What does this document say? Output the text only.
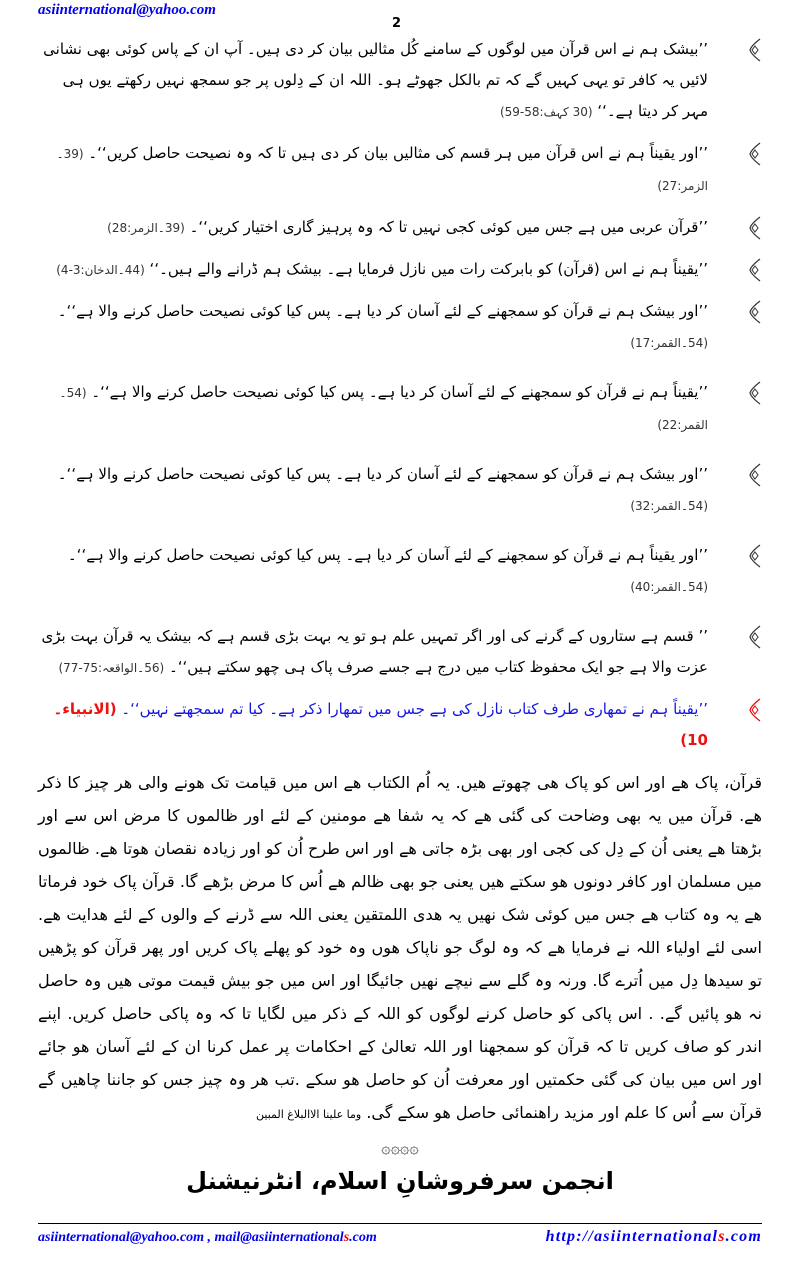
asiinternational@yahoo.com
2
’’بیشک ہم نے اس قرآن میں لوگوں کے سامنے کُل مثالیں بیان کر دی ہیں۔ آپ ان کے پاس کوئی بھی نشانی لائیں یہ کافر تو یہی کہیں گے کہ تم بالکل جھوٹے ہو۔ اللہ ان کے دِلوں پر جو سمجھ نہیں رکھتے یوں ہی مہر کر دیتا ہے۔‘‘ (30 کہف:58-59)
’’اور یقیناً ہم نے اس قرآن میں ہر قسم کی مثالیں بیان کر دی ہیں تا کہ وہ نصیحت حاصل کریں‘‘۔ (39۔الزمر:27)
’’قرآن عربی میں ہے جس میں کوئی کجی نہیں تا کہ وہ پرہیز گاری اختیار کریں‘‘۔ (39۔الزمر:28)
’’یقیناً ہم نے اس (قرآن) کو بابرکت رات میں نازل فرمایا ہے۔ بیشک ہم ڈرانے والے ہیں۔‘‘ (44۔الدخان:3-4)
’’اور بیشک ہم نے قرآن کو سمجھنے کے لئے آسان کر دیا ہے۔ پس کیا کوئی نصیحت حاصل کرنے والا ہے‘‘۔ (54۔القمر:17)
’’یقیناً ہم نے قرآن کو سمجھنے کے لئے آسان کر دیا ہے۔ پس کیا کوئی نصیحت حاصل کرنے والا ہے‘‘۔ (54۔القمر:22)
’’اور بیشک ہم نے قرآن کو سمجھنے کے لئے آسان کر دیا ہے۔ پس کیا کوئی نصیحت حاصل کرنے والا ہے‘‘۔ (54۔القمر:32)
’’اور یقیناً ہم نے قرآن کو سمجھنے کے لئے آسان کر دیا ہے۔ پس کیا کوئی نصیحت حاصل کرنے والا ہے‘‘۔ (54۔القمر:40)
’’ قسم ہے ستاروں کے گرنے کی اور اگر تمہیں علم ہو تو یہ بہت بڑی قسم ہے کہ بیشک یہ قرآن بہت بڑی عزت والا ہے جو ایک محفوظ کتاب میں درج ہے جسے صرف پاک ہی چھو سکتے ہیں‘‘۔ (56۔الواقعہ:75-77)
’’یقیناً ہم نے تمھاری طرف کتاب نازل کی ہے جس میں تمھارا ذکر ہے۔ کیا تم سمجھتے نہیں‘‘۔ (الانبیاء۔10)
قرآن، پاک ھے اور اس کو پاک ھی چھوتے ھیں. یہ اُم الکتاب ھے اس میں قیامت تک ھونے والی ھر چیز کا ذکر ھے. قرآن میں یہ بھی وضاحت کی گئی ھے کہ یہ شفا ھے مومنین کے لئے اور ظالموں کا مرض اس سے اور بڑھتا ھے یعنی اُن کے دِل کی کجی اور بھی بڑہ جاتی ھے اور اس طرح اُن کو اور زیادہ نقصان ھوتا ھے. ظالموں میں مسلمان اور کافر دونوں ھو سکتے ھیں یعنی جو بھی ظالم ھے اُس کا مرض بڑھے گا. قرآن پاک خود فرماتا ھے یہ وہ کتاب ھے جس میں کوئی شک نھیں یہ ھدی اللمتقین یعنی اللہ سے ڈرنے کے والوں کے لئے ھدایت ھے. اسی لئے اولیاء اللہ نے فرمایا ھے کہ وہ لوگ جو ناپاک ھوں وہ خود کو پھلے پاک کریں اور پھر قرآن کو پڑھیں تو سیدھا دِل میں اُترے گا. ورنہ وہ گلے سے نیچے نھیں جائیگا اور اس میں جو بیش قیمت موتی ھیں وہ حاصل نہ ھو پائیں گے. . اس پاکی کو حاصل کرنے لوگوں کو اللہ کے ذکر میں لگایا تا کہ وہ پاکی حاصل کریں. اپنے اندر کو صاف کریں تا کہ قرآن کو سمجھنا اور اللہ تعالیٰ کے احکامات پر عمل کرنا ان کے لئے آسان ھو جائے اور اس میں بیان کی گئی حکمتیں اور معرفت اُن کو حاصل ھو سکے .تب ھر وہ چیز جس کو جاننا چاھیں گے قرآن سے اُس کا علم اور مزید راھنمائی حاصل ھو سکے گی. وما علینا الاالبلاغ المبین
۞۞۞۞
انجمن سرفروشانِ اسلام، انٹرنیشنل
asiinternational@yahoo.com , mail@asiinternationals.com	http://asiinternationals.com
